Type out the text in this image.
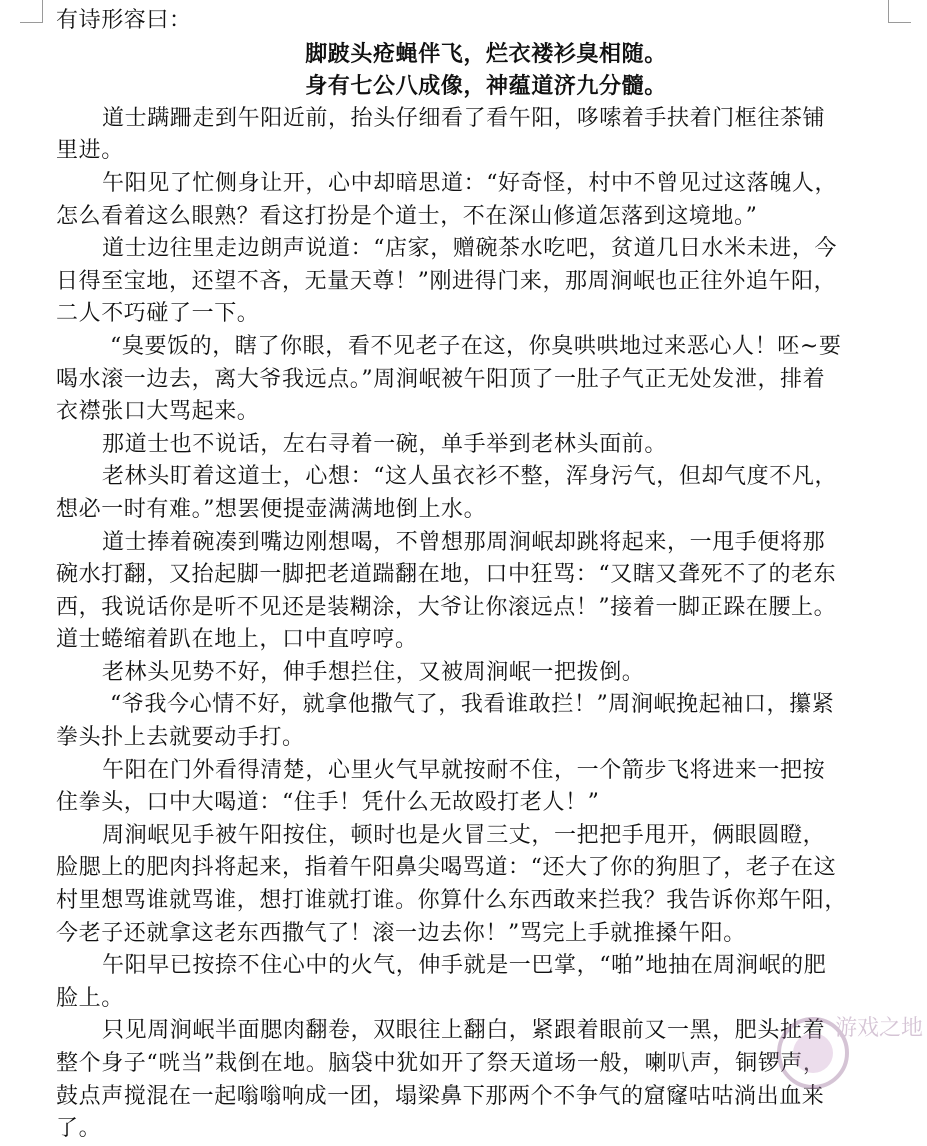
有诗形容曰：
脚跛头疮蝇伴飞，烂衣褛衫臭相随。
身有七公八成像，神蕴道济九分髓。
道士蹒跚走到午阳近前，抬头仔细看了看午阳，哆嗦着手扶着门框往茶铺
里进。
午阳见了忙侧身让开，心中却暗思道：“好奇怪，村中不曾见过这落魄人，
怎么看着这么眼熟？看这打扮是个道士，不在深山修道怎落到这境地。”
道士边往里走边朗声说道：“店家，赠碗茶水吃吧，贫道几日水米未进，今
日得至宝地，还望不吝，无量天尊！”刚进得门来，那周涧岷也正往外追午阳，
二人不巧碰了一下。
“臭要饭的，瞎了你眼，看不见老子在这，你臭哄哄地过来恶心人！呸~要
喝水滚一边去，离大爷我远点。”周涧岷被午阳顶了一肚子气正无处发泄，排着
衣襟张口大骂起来。
那道士也不说话，左右寻着一碗，单手举到老林头面前。
老林头盯着这道士，心想：“这人虽衣衫不整，浑身污气，但却气度不凡，
想必一时有难。”想罢便提壶满满地倒上水。
道士捧着碗凑到嘴边刚想喝，不曾想那周涧岷却跳将起来，一甩手便将那
碗水打翻，又抬起脚一脚把老道踹翻在地，口中狂骂：“又瞎又聋死不了的老东
西，我说话你是听不见还是装糊涂，大爷让你滚远点！”接着一脚正跺在腰上。
道士蜷缩着趴在地上，口中直哼哼。
老林头见势不好，伸手想拦住，又被周涧岷一把拨倒。
“爷我今心情不好，就拿他撒气了，我看谁敢拦！”周涧岷挽起袖口，攥紧
拳头扑上去就要动手打。
午阳在门外看得清楚，心里火气早就按耐不住，一个箭步飞将进来一把按
住拳头，口中大喝道：“住手！凭什么无故殴打老人！”
周涧岷见手被午阳按住，顿时也是火冒三丈，一把把手甩开，俩眼圆瞪，
脸腮上的肥肉抖将起来，指着午阳鼻尖喝骂道：“还大了你的狗胆了，老子在这
村里想骂谁就骂谁，想打谁就打谁。你算什么东西敢来拦我？我告诉你郑午阳，
今老子还就拿这老东西撒气了！滚一边去你！”骂完上手就推搡午阳。
午阳早已按捺不住心中的火气，伸手就是一巴掌，“啪”地抽在周涧岷的肥
脸上。
只见周涧岷半面腮肉翻卷，双眼往上翻白，紧跟着眼前又一黑，肥头扯着
整个身子“咣当”栽倒在地。脑袋中犹如开了祭天道场一般，喇叭声，铜锣声，
鼓点声搅混在一起嗡嗡响成一团，塌梁鼻下那两个不争气的窟窿咕咕淌出血来
了。
游戏之地
